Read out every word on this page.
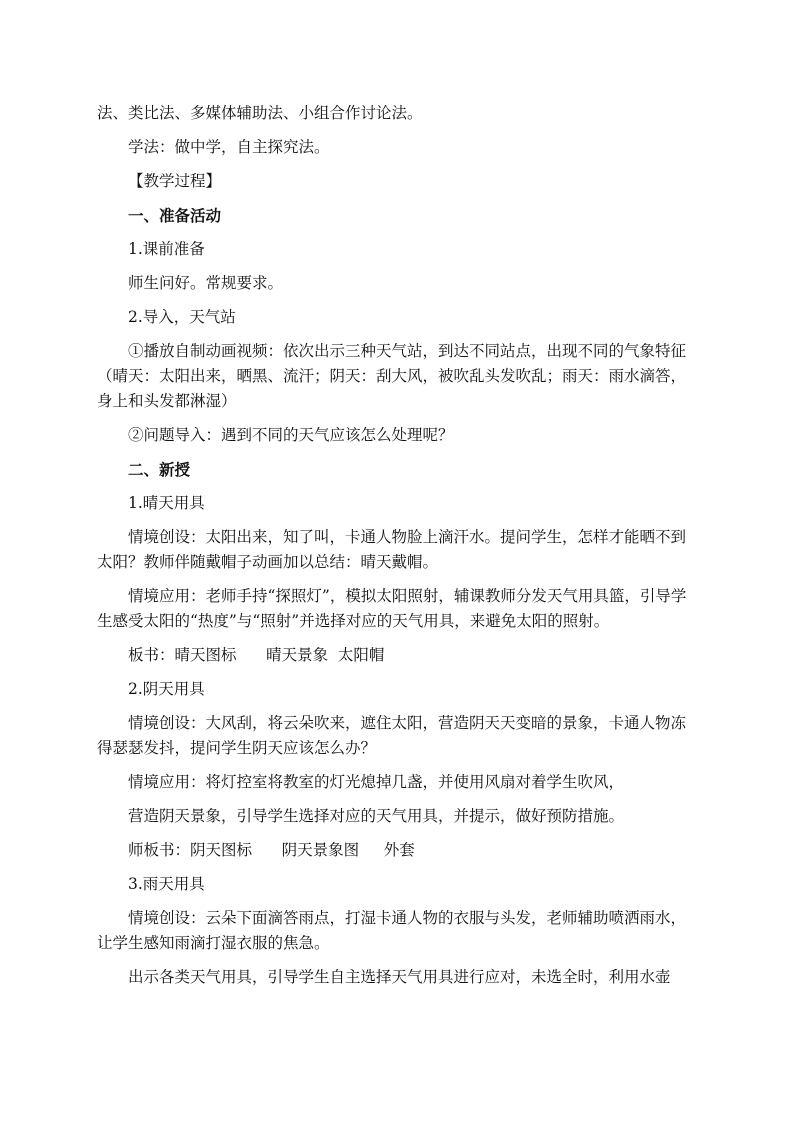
法、类比法、多媒体辅助法、小组合作讨论法。

学法：做中学，自主探究法。

【教学过程】

一、准备活动

1.课前准备

师生问好。常规要求。

2.导入，天气站

①播放自制动画视频：依次出示三种天气站，到达不同站点，出现不同的气象特征（晴天：太阳出来，晒黑、流汗；阴天：刮大风，被吹乱头发吹乱；雨天：雨水滴答，身上和头发都淋湿）

②问题导入：遇到不同的天气应该怎么处理呢？

二、新授

1.晴天用具

情境创设：太阳出来，知了叫，卡通人物脸上滴汗水。提问学生，怎样才能晒不到太阳？教师伴随戴帽子动画加以总结：晴天戴帽。

情境应用：老师手持“探照灯”，模拟太阳照射，辅课教师分发天气用具篮，引导学生感受太阳的“热度”与“照射”并选择对应的天气用具，来避免太阳的照射。

板书：晴天图标      晴天景象  太阳帽

2.阴天用具

情境创设：大风刮，将云朵吹来，遮住太阳，营造阴天天变暗的景象，卡通人物冻得瑟瑟发抖，提问学生阴天应该怎么办？

情境应用：将灯控室将教室的灯光熄掉几盏，并使用风扇对着学生吹风，

营造阴天景象，引导学生选择对应的天气用具，并提示，做好预防措施。

师板书：阴天图标      阴天景象图     外套

3.雨天用具

情境创设：云朵下面滴答雨点，打湿卡通人物的衣服与头发，老师辅助喷洒雨水，让学生感知雨滴打湿衣服的焦急。

出示各类天气用具，引导学生自主选择天气用具进行应对，未选全时，利用水壶
